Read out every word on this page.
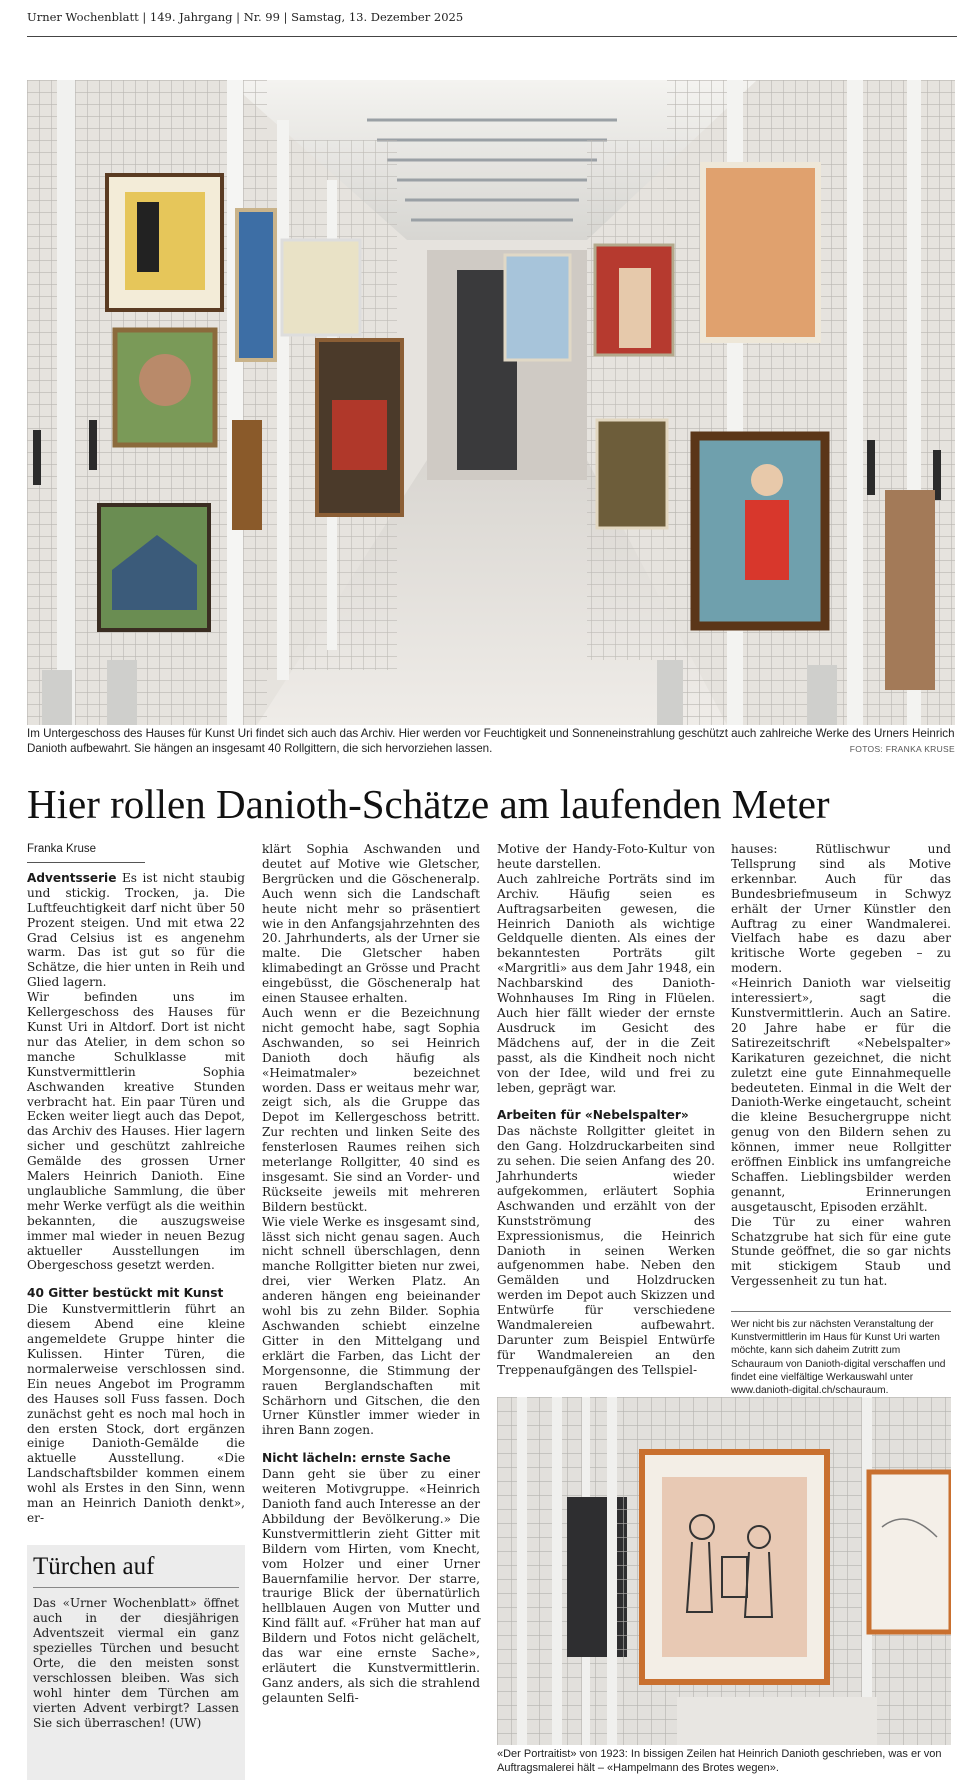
Urner Wochenblatt | 149. Jahrgang | Nr. 99 | Samstag, 13. Dezember 2025
Im Untergeschoss des Hauses für Kunst Uri findet sich auch das Archiv. Hier werden vor Feuchtigkeit und Sonneneinstrahlung geschützt auch zahlreiche Werke des Urners Heinrich Danioth aufbewahrt. Sie hängen an insgesamt 40 Rollgittern, die sich hervorziehen lassen.	FOTOS: FRANKA KRUSE
Hier rollen Danioth-Schätze am laufenden Meter
Franka Kruse

Adventsserie Es ist nicht staubig und stickig. Trocken, ja. Die Luftfeuchtigkeit darf nicht über 50 Prozent steigen. Und mit etwa 22 Grad Celsius ist es angenehm warm. Das ist gut so für die Schätze, die hier unten in Reih und Glied lagern.

Wir befinden uns im Kellergeschoss des Hauses für Kunst Uri in Altdorf. Dort ist nicht nur das Atelier, in dem schon so manche Schulklasse mit Kunstvermittlerin Sophia Aschwanden kreative Stunden verbracht hat. Ein paar Türen und Ecken weiter liegt auch das Depot, das Archiv des Hauses. Hier lagern sicher und geschützt zahlreiche Gemälde des grossen Urner Malers Heinrich Danioth. Eine unglaubliche Sammlung, die über mehr Werke verfügt als die weithin bekannten, die auszugsweise immer mal wieder in neuen Bezug aktueller Ausstellungen im Obergeschoss gesetzt werden.

40 Gitter bestückt mit Kunst

Die Kunstvermittlerin führt an diesem Abend eine kleine angemeldete Gruppe hinter die Kulissen. Hinter Türen, die normalerweise verschlossen sind. Ein neues Angebot im Programm des Hauses soll Fuss fassen. Doch zunächst geht es noch mal hoch in den ersten Stock, dort ergänzen einige Danioth-Gemälde die aktuelle Ausstellung. «Die Landschaftsbilder kommen einem wohl als Erstes in den Sinn, wenn man an Heinrich Danioth denkt», er-

Türchen auf

Das «Urner Wochenblatt» öffnet auch in der diesjährigen Adventszeit viermal ein ganz spezielles Türchen und besucht Orte, die den meisten sonst verschlossen bleiben. Was sich wohl hinter dem Türchen am vierten Advent verbirgt? Lassen Sie sich überraschen! (UW)

klärt Sophia Aschwanden und deutet auf Motive wie Gletscher, Bergrücken und die Göscheneralp. Auch wenn sich die Landschaft heute nicht mehr so präsentiert wie in den Anfangsjahrzehnten des 20. Jahrhunderts, als der Urner sie malte. Die Gletscher haben klimabedingt an Grösse und Pracht eingebüsst, die Göscheneralp hat einen Stausee erhalten.

Auch wenn er die Bezeichnung nicht gemocht habe, sagt Sophia Aschwanden, so sei Heinrich Danioth doch häufig als «Heimatmaler» bezeichnet worden. Dass er weitaus mehr war, zeigt sich, als die Gruppe das Depot im Kellergeschoss betritt. Zur rechten und linken Seite des fensterlosen Raumes reihen sich meterlange Rollgitter, 40 sind es insgesamt. Sie sind an Vorder- und Rückseite jeweils mit mehreren Bildern bestückt.

Wie viele Werke es insgesamt sind, lässt sich nicht genau sagen. Auch nicht schnell überschlagen, denn manche Rollgitter bieten nur zwei, drei, vier Werken Platz. An anderen hängen eng beieinander wohl bis zu zehn Bilder. Sophia Aschwanden schiebt einzelne Gitter in den Mittelgang und erklärt die Farben, das Licht der Morgensonne, die Stimmung der rauen Berglandschaften mit Schärhorn und Gitschen, die den Urner Künstler immer wieder in ihren Bann zogen.

Nicht lächeln: ernste Sache

Dann geht sie über zu einer weiteren Motivgruppe. «Heinrich Danioth fand auch Interesse an der Abbildung der Bevölkerung.» Die Kunstvermittlerin zieht Gitter mit Bildern vom Hirten, vom Knecht, vom Holzer und einer Urner Bauernfamilie hervor. Der starre, traurige Blick der übernatürlich hellblauen Augen von Mutter und Kind fällt auf. «Früher hat man auf Bildern und Fotos nicht gelächelt, das war eine ernste Sache», erläutert die Kunstvermittlerin. Ganz anders, als sich die strahlend gelaunten Selfi-

Motive der Handy-Foto-Kultur von heute darstellen.

Auch zahlreiche Porträts sind im Archiv. Häufig seien es Auftragsarbeiten gewesen, die Heinrich Danioth als wichtige Geldquelle dienten. Als eines der bekanntesten Porträts gilt «Margritli» aus dem Jahr 1948, ein Nachbarskind des Danioth-Wohnhauses Im Ring in Flüelen. Auch hier fällt wieder der ernste Ausdruck im Gesicht des Mädchens auf, der in die Zeit passt, als die Kindheit noch nicht von der Idee, wild und frei zu leben, geprägt war.

Arbeiten für «Nebelspalter»

Das nächste Rollgitter gleitet in den Gang. Holzdruckarbeiten sind zu sehen. Die seien Anfang des 20. Jahrhunderts wieder aufgekommen, erläutert Sophia Aschwanden und erzählt von der Kunstströmung des Expressionismus, die Heinrich Danioth in seinen Werken aufgenommen habe. Neben den Gemälden und Holzdrucken werden im Depot auch Skizzen und Entwürfe für verschiedene Wandmalereien aufbewahrt. Darunter zum Beispiel Entwürfe für Wandmalereien an den Treppenaufgängen des Tellspiel-

hauses: Rütlischwur und Tellsprung sind als Motive erkennbar. Auch für das Bundesbriefmuseum in Schwyz erhält der Urner Künstler den Auftrag zu einer Wandmalerei. Vielfach habe es dazu aber kritische Worte gegeben – zu modern.

«Heinrich Danioth war vielseitig interessiert», sagt die Kunstvermittlerin. Auch an Satire. 20 Jahre habe er für die Satirezeitschrift «Nebelspalter» Karikaturen gezeichnet, die nicht zuletzt eine gute Einnahmequelle bedeuteten. Einmal in die Welt der Danioth-Werke eingetaucht, scheint die kleine Besuchergruppe nicht genug von den Bildern sehen zu können, immer neue Rollgitter eröffnen Einblick ins umfangreiche Schaffen. Lieblingsbilder werden genannt, Erinnerungen ausgetauscht, Episoden erzählt.

Die Tür zu einer wahren Schatzgrube hat sich für eine gute Stunde geöffnet, die so gar nichts mit stickigem Staub und Vergessenheit zu tun hat.

Wer nicht bis zur nächsten Veranstaltung der Kunstvermittlerin im Haus für Kunst Uri warten möchte, kann sich daheim Zutritt zum Schauraum von Danioth-digital verschaffen und findet eine vielfältige Werkauswahl unter www.danioth-digital.ch/schauraum.
«Der Portraitist» von 1923: In bissigen Zeilen hat Heinrich Danioth geschrieben, was er von Auftragsmalerei hält – «Hampelmann des Brotes wegen».
